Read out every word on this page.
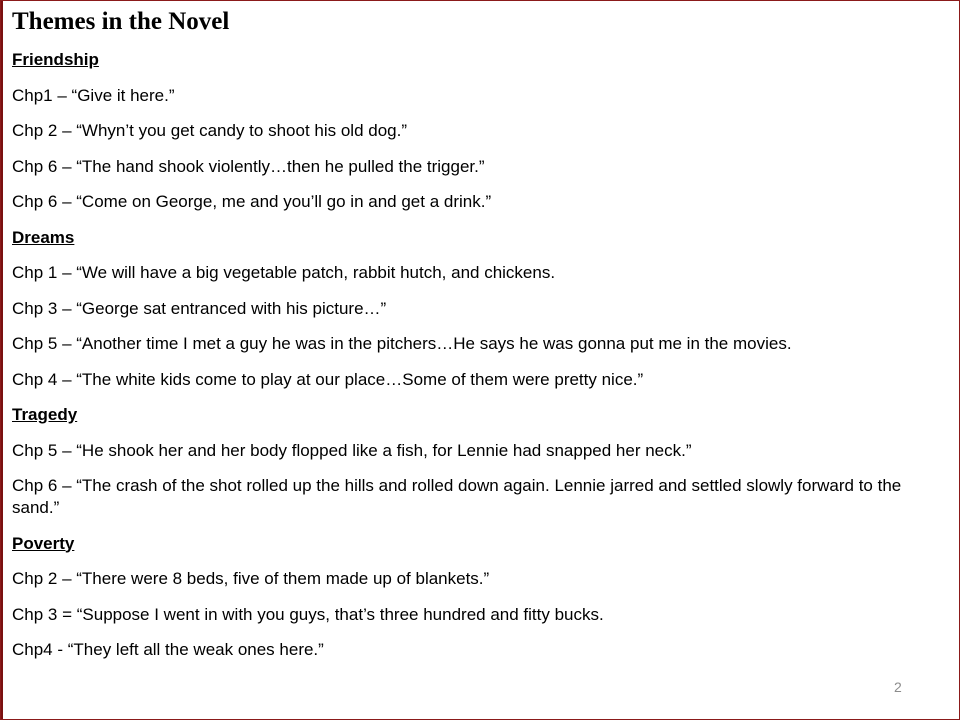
Themes in the Novel
Friendship
Chp1 – “Give it here.”
Chp 2 – “Whyn’t you get candy to shoot his old dog.”
Chp 6 – “The hand shook violently…then he pulled the trigger.”
Chp 6 – “Come on George, me and you’ll go in and get a drink.”
Dreams
Chp 1 – “We will have a big vegetable patch, rabbit hutch, and chickens.
Chp 3 – “George sat entranced with his picture…”
Chp 5 – “Another time I met a guy he was in the pitchers…He says he was gonna put me in the movies.
Chp 4 – “The white kids come to play at our place…Some of them were pretty nice.”
Tragedy
Chp 5 – “He shook her and her body flopped like a fish, for Lennie had snapped her neck.”
Chp 6 – “The crash of the shot rolled up the hills and rolled down again. Lennie jarred and settled slowly forward to the sand.”
Poverty
Chp 2 – “There were 8 beds, five of them made up of blankets.”
Chp 3 = “Suppose I went in with you guys, that’s three hundred and fitty bucks.
Chp4 - “They left all the weak ones here.”
2
